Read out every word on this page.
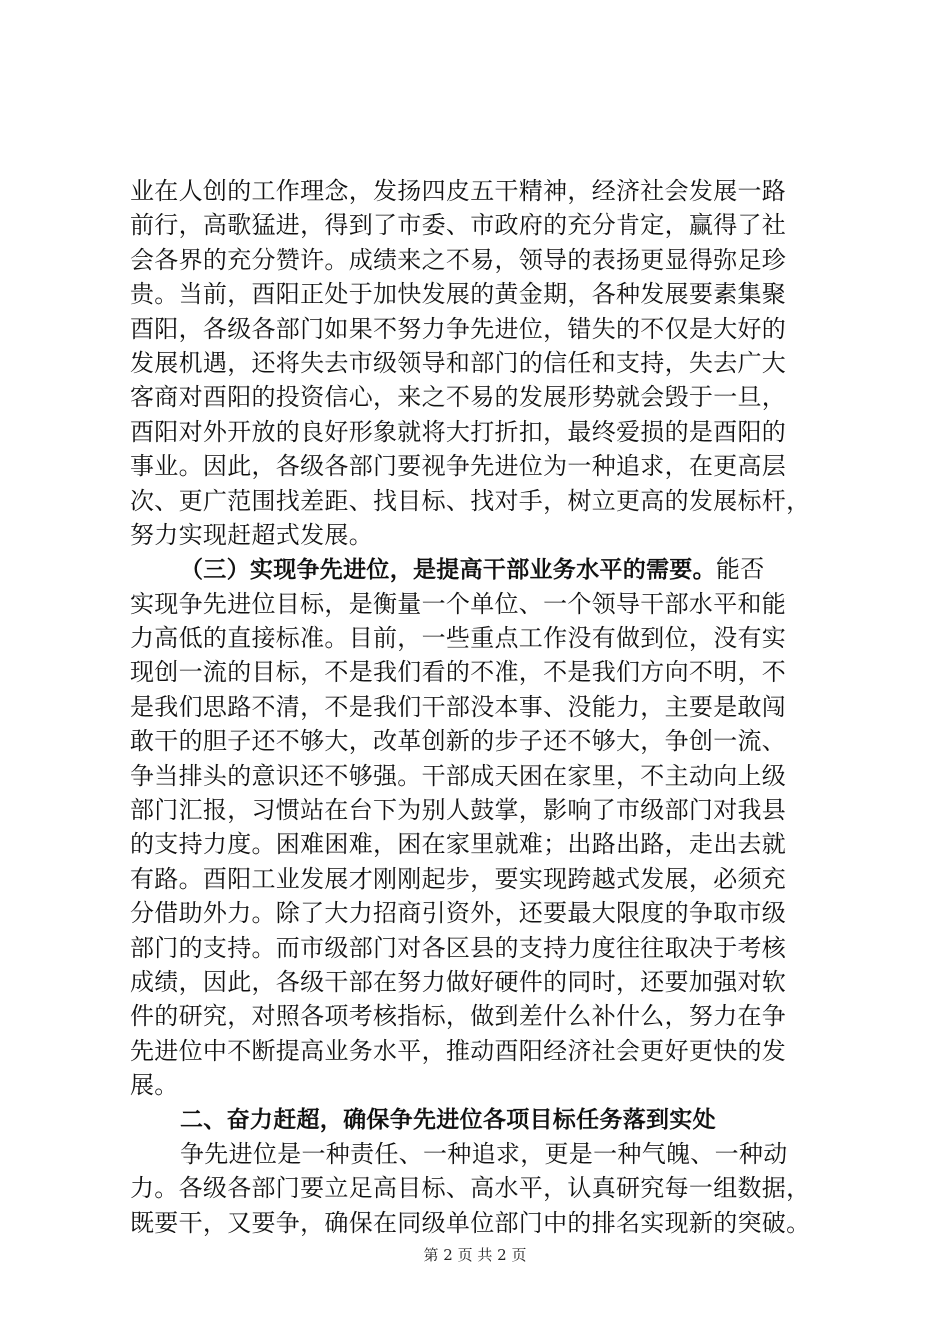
业在人创的工作理念，发扬四皮五干精神，经济社会发展一路
前行，高歌猛进，得到了市委、市政府的充分肯定，赢得了社
会各界的充分赞许。成绩来之不易，领导的表扬更显得弥足珍
贵。当前，酉阳正处于加快发展的黄金期，各种发展要素集聚
酉阳，各级各部门如果不努力争先进位，错失的不仅是大好的
发展机遇，还将失去市级领导和部门的信任和支持，失去广大
客商对酉阳的投资信心，来之不易的发展形势就会毁于一旦，
酉阳对外开放的良好形象就将大打折扣，最终爱损的是酉阳的
事业。因此，各级各部门要视争先进位为一种追求，在更高层
次、更广范围找差距、找目标、找对手，树立更高的发展标杆，
努力实现赶超式发展。
（三）实现争先进位，是提高干部业务水平的需要。能否
实现争先进位目标，是衡量一个单位、一个领导干部水平和能
力高低的直接标准。目前，一些重点工作没有做到位，没有实
现创一流的目标，不是我们看的不准，不是我们方向不明，不
是我们思路不清，不是我们干部没本事、没能力，主要是敢闯
敢干的胆子还不够大，改革创新的步子还不够大，争创一流、
争当排头的意识还不够强。干部成天困在家里，不主动向上级
部门汇报，习惯站在台下为别人鼓掌，影响了市级部门对我县
的支持力度。困难困难，困在家里就难；出路出路，走出去就
有路。酉阳工业发展才刚刚起步，要实现跨越式发展，必须充
分借助外力。除了大力招商引资外，还要最大限度的争取市级
部门的支持。而市级部门对各区县的支持力度往往取决于考核
成绩，因此，各级干部在努力做好硬件的同时，还要加强对软
件的研究，对照各项考核指标，做到差什么补什么，努力在争
先进位中不断提高业务水平，推动酉阳经济社会更好更快的发
展。
二、奋力赶超，确保争先进位各项目标任务落到实处
争先进位是一种责任、一种追求，更是一种气魄、一种动
力。各级各部门要立足高目标、高水平，认真研究每一组数据，
既要干，又要争，确保在同级单位部门中的排名实现新的突破。
第 2 页 共 2 页
